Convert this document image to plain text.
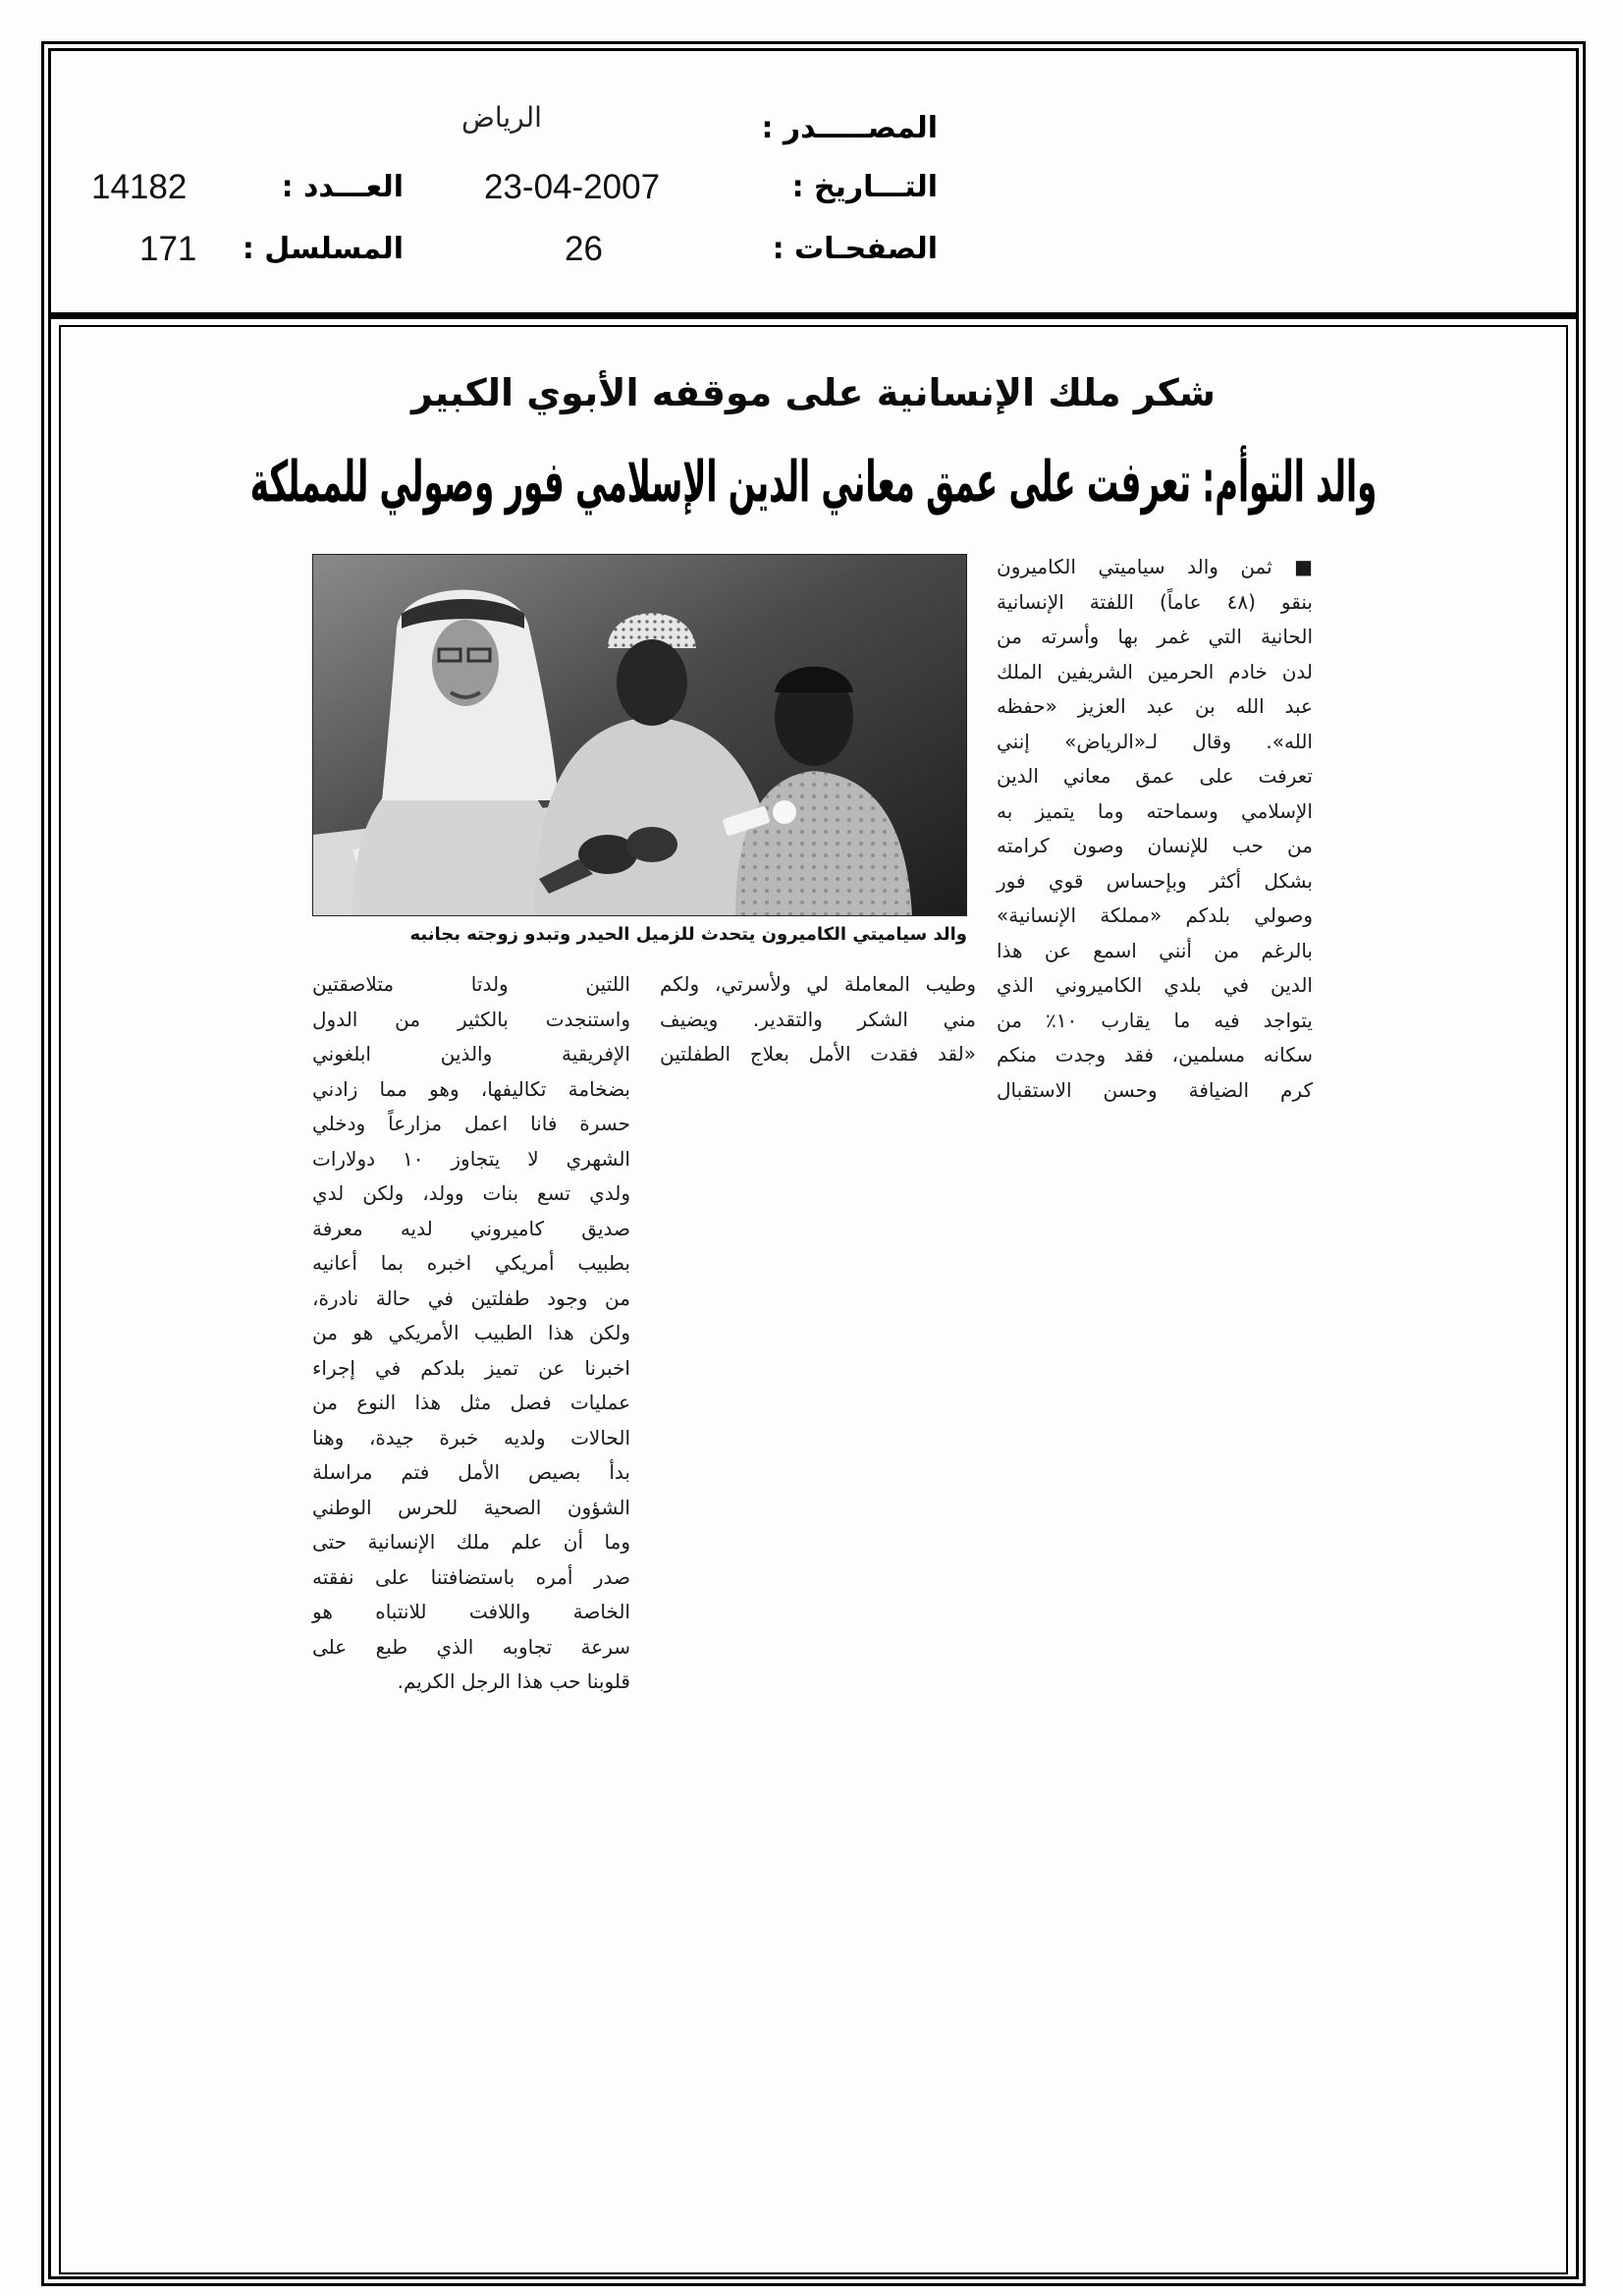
المصـــــدر :
الرياض
التـــاريخ :
23-04-2007
العـــدد :
14182
الصفحـات :
26
المسلسل :
171
شكر ملك الإنسانية على موقفه الأبوي الكبير
والد التوأم: تعرفت على عمق معاني الدين الإسلامي فور وصولي للمملكة
والد سياميتي الكاميرون يتحدث للزميل الحيدر وتبدو زوجته بجانبه
■ ثمن والد سياميتي الكاميرون
بنقو (٤٨ عاماً) اللفتة الإنسانية
الحانية التي غمر بها وأسرته من
لدن خادم الحرمين الشريفين الملك
عبد الله بن عبد العزيز «حفظه
الله». وقال لـ«الرياض» إنني
تعرفت على عمق معاني الدين
الإسلامي وسماحته وما يتميز به
من حب للإنسان وصون كرامته
بشكل أكثر وبإحساس قوي فور
وصولي بلدكم «مملكة الإنسانية»
بالرغم من أنني اسمع عن هذا
الدين في بلدي الكاميروني الذي
يتواجد فيه ما يقارب ١٠٪ من
سكانه مسلمين، فقد وجدت منكم
كرم الضيافة وحسن الاستقبال
وطيب المعاملة لي ولأسرتي، ولكم
مني الشكر والتقدير. ويضيف
«لقد فقدت الأمل بعلاج الطفلتين
اللتين ولدتا متلاصقتين
واستنجدت بالكثير من الدول
الإفريقية والذين ابلغوني
بضخامة تكاليفها، وهو مما زادني
حسرة فانا اعمل مزارعاً ودخلي
الشهري لا يتجاوز ١٠ دولارات
ولدي تسع بنات وولد، ولكن لدي
صديق كاميروني لديه معرفة
بطبيب أمريكي اخبره بما أعانيه
من وجود طفلتين في حالة نادرة،
ولكن هذا الطبيب الأمريكي هو من
اخبرنا عن تميز بلدكم في إجراء
عمليات فصل مثل هذا النوع من
الحالات ولديه خبرة جيدة، وهنا
بدأ بصيص الأمل فتم مراسلة
الشؤون الصحية للحرس الوطني
وما أن علم ملك الإنسانية حتى
صدر أمره باستضافتنا على نفقته
الخاصة واللافت للانتباه هو
سرعة تجاوبه الذي طبع على
قلوبنا حب هذا الرجل الكريم.
